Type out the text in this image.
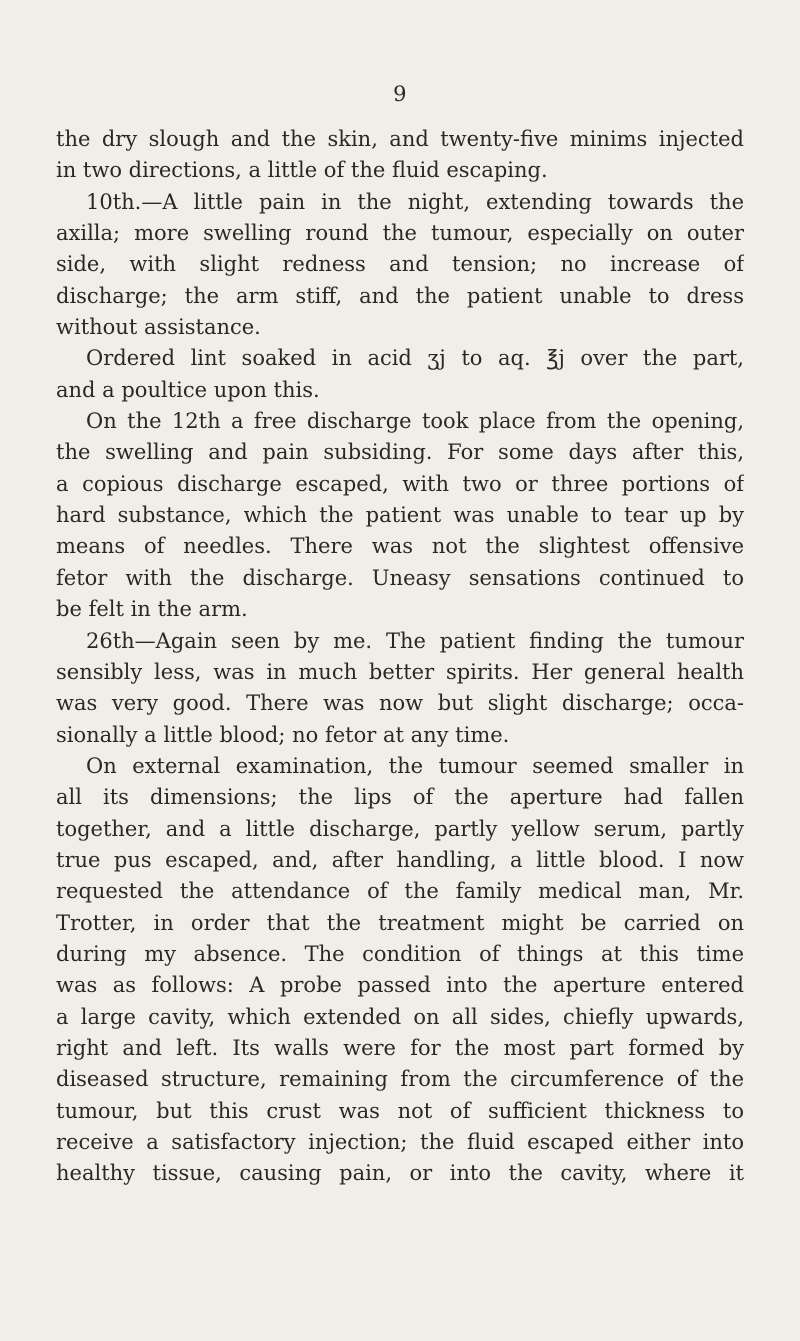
9
the dry slough and the skin, and twenty-five minims injected
in two directions, a little of the fluid escaping.
10th.—A little pain in the night, extending towards the
axilla; more swelling round the tumour, especially on outer
side, with slight redness and tension; no increase of
discharge; the arm stiff, and the patient unable to dress
without assistance.
Ordered lint soaked in acid ʒj to aq. ℥j over the part,
and a poultice upon this.
On the 12th a free discharge took place from the opening,
the swelling and pain subsiding. For some days after this,
a copious discharge escaped, with two or three portions of
hard substance, which the patient was unable to tear up by
means of needles. There was not the slightest offensive
fetor with the discharge. Uneasy sensations continued to
be felt in the arm.
26th—Again seen by me. The patient finding the tumour
sensibly less, was in much better spirits. Her general health
was very good. There was now but slight discharge; occa-
sionally a little blood; no fetor at any time.
On external examination, the tumour seemed smaller in
all its dimensions; the lips of the aperture had fallen
together, and a little discharge, partly yellow serum, partly
true pus escaped, and, after handling, a little blood. I now
requested the attendance of the family medical man, Mr.
Trotter, in order that the treatment might be carried on
during my absence. The condition of things at this time
was as follows: A probe passed into the aperture entered
a large cavity, which extended on all sides, chiefly upwards,
right and left. Its walls were for the most part formed by
diseased structure, remaining from the circumference of the
tumour, but this crust was not of sufficient thickness to
receive a satisfactory injection; the fluid escaped either into
healthy tissue, causing pain, or into the cavity, where it
